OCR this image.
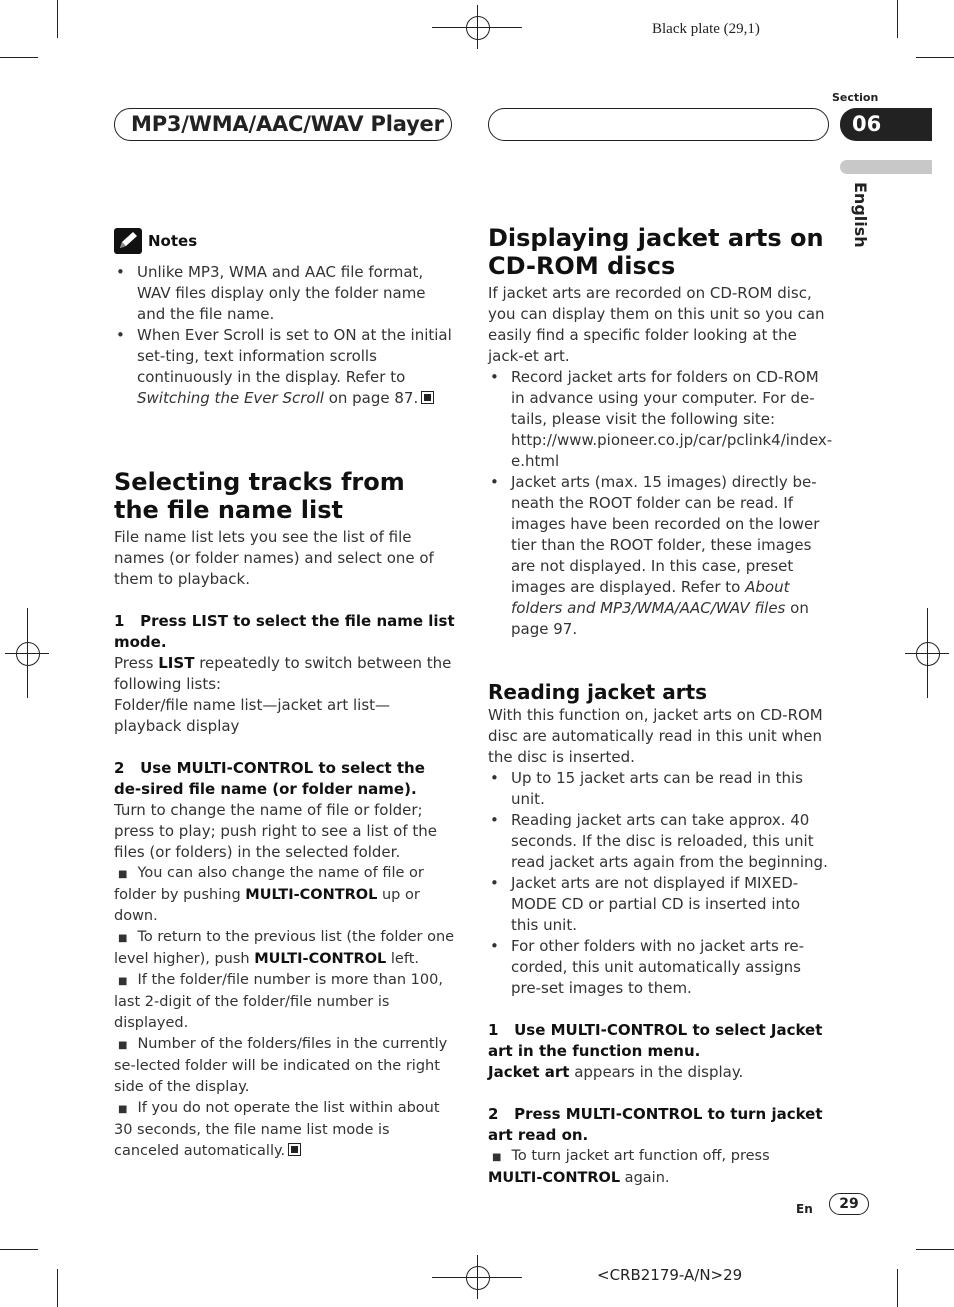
Black plate (29,1)
MP3/WMA/AAC/WAV Player
Section
06
English
Notes

• Unlike MP3, WMA and AAC file format, WAV files display only the folder name and the file name.

• When Ever Scroll is set to ON at the initial set-ting, text information scrolls continuously in the display. Refer to Switching the Ever Scroll on page 87.

Selecting tracks from the file name list

File name list lets you see the list of file names (or folder names) and select one of them to playback.

1 Press LIST to select the file name list mode.

Press LIST repeatedly to switch between the following lists:

Folder/file name list—jacket art list—playback display

2 Use MULTI-CONTROL to select the de-sired file name (or folder name).

Turn to change the name of file or folder; press to play; push right to see a list of the files (or folders) in the selected folder.

■ You can also change the name of file or folder by pushing MULTI-CONTROL up or down.

■ To return to the previous list (the folder one level higher), push MULTI-CONTROL left.

■ If the folder/file number is more than 100, last 2-digit of the folder/file number is displayed.

■ Number of the folders/files in the currently se-lected folder will be indicated on the right side of the display.

■ If you do not operate the list within about 30 seconds, the file name list mode is canceled automatically.

Displaying jacket arts on CD-ROM discs

If jacket arts are recorded on CD-ROM disc, you can display them on this unit so you can easily find a specific folder looking at the jack-et art.

• Record jacket arts for folders on CD-ROM in advance using your computer. For de-tails, please visit the following site: http://www.pioneer.co.jp/car/pclink4/index-e.html

• Jacket arts (max. 15 images) directly be-neath the ROOT folder can be read. If images have been recorded on the lower tier than the ROOT folder, these images are not displayed. In this case, preset images are displayed. Refer to About folders and MP3/WMA/AAC/WAV files on page 97.

Reading jacket arts

With this function on, jacket arts on CD-ROM disc are automatically read in this unit when the disc is inserted.

• Up to 15 jacket arts can be read in this unit.

• Reading jacket arts can take approx. 40 seconds. If the disc is reloaded, this unit read jacket arts again from the beginning.

• Jacket arts are not displayed if MIXED-MODE CD or partial CD is inserted into this unit.

• For other folders with no jacket arts re-corded, this unit automatically assigns pre-set images to them.

1 Use MULTI-CONTROL to select Jacket art in the function menu.

Jacket art appears in the display.

2 Press MULTI-CONTROL to turn jacket art read on.

■ To turn jacket art function off, press
MULTI-CONTROL again.

En	29
<CRB2179-A/N>29
